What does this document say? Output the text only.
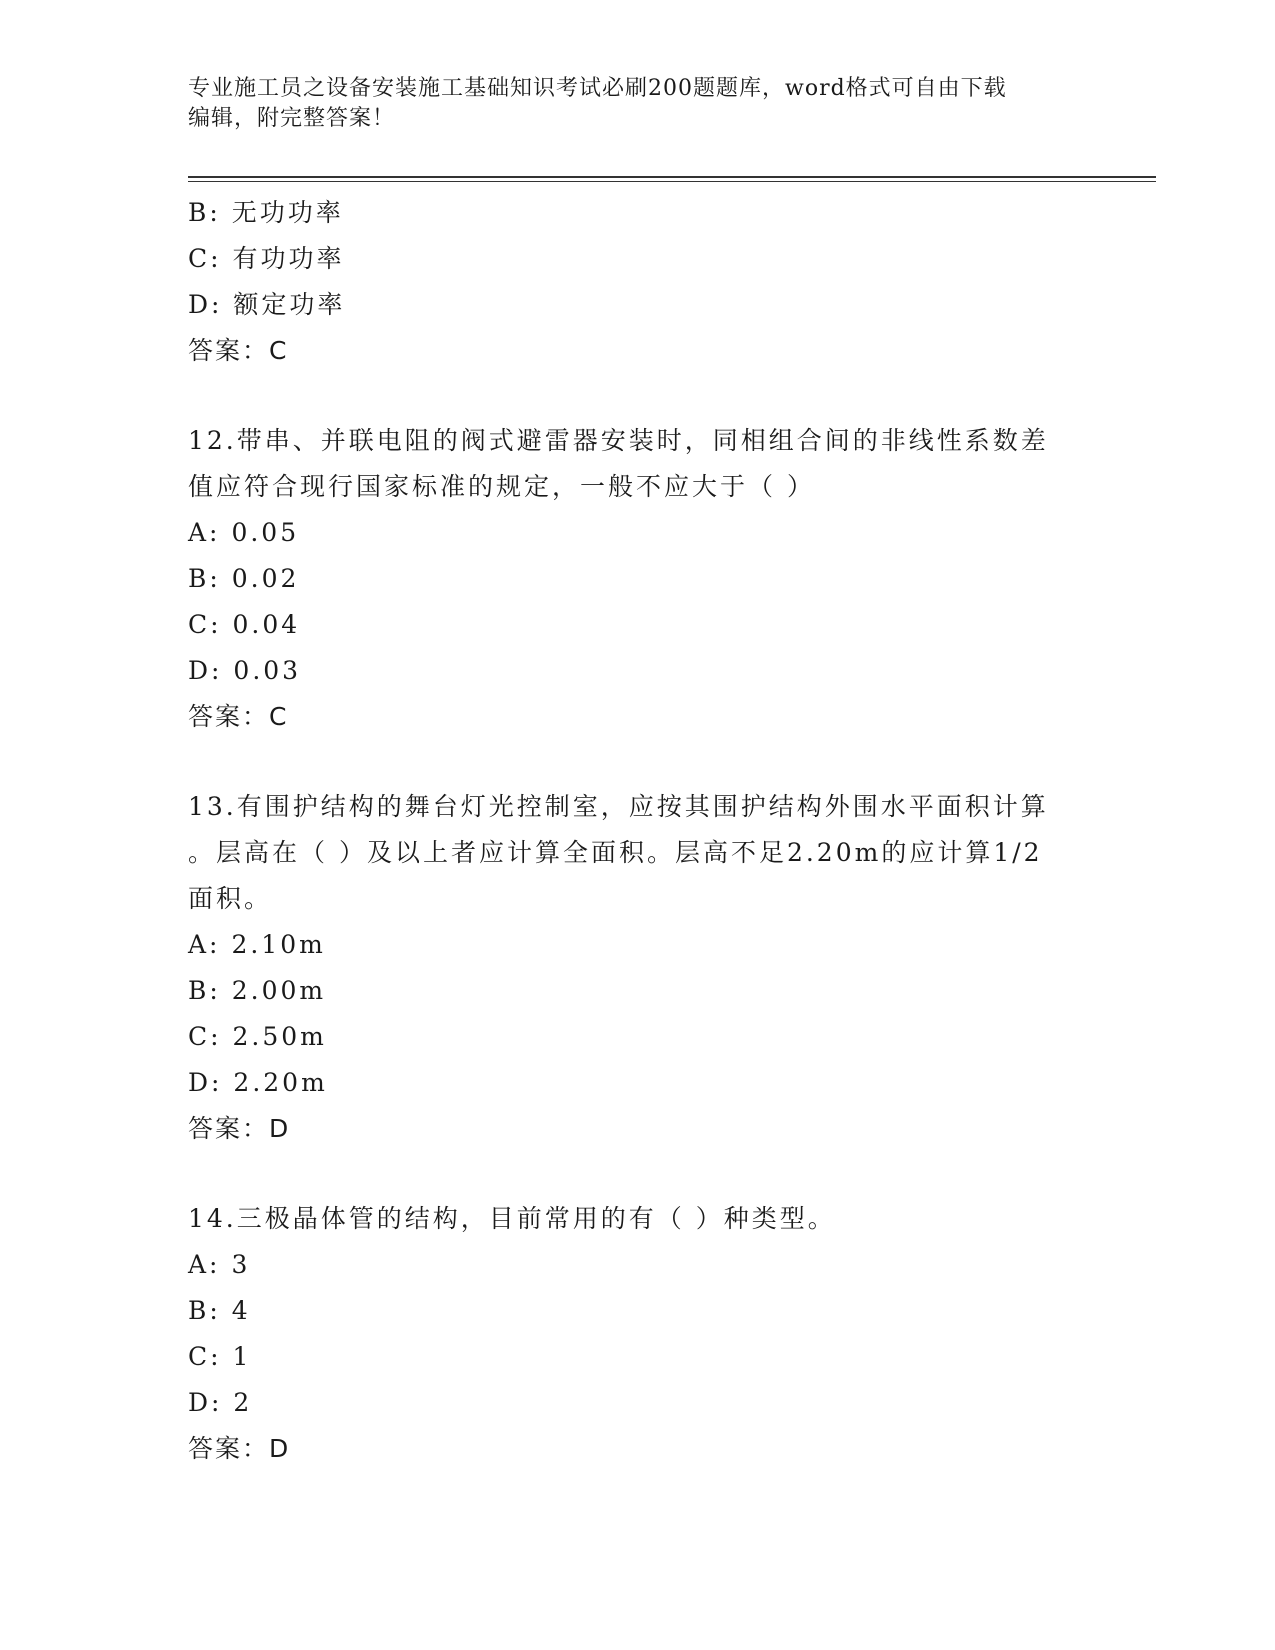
专业施工员之设备安装施工基础知识考试必刷200题题库，word格式可自由下载
编辑，附完整答案！
B: 无功功率
C: 有功功率
D: 额定功率
答案：C
12.带串、并联电阻的阀式避雷器安装时，同相组合间的非线性系数差
值应符合现行国家标准的规定，一般不应大于（ ）
A: 0.05
B: 0.02
C: 0.04
D: 0.03
答案：C
13.有围护结构的舞台灯光控制室，应按其围护结构外围水平面积计算
。层高在（ ）及以上者应计算全面积。层高不足2.20m的应计算1/2
面积。
A: 2.10m
B: 2.00m
C: 2.50m
D: 2.20m
答案：D
14.三极晶体管的结构，目前常用的有（ ）种类型。
A: 3
B: 4
C: 1
D: 2
答案：D
